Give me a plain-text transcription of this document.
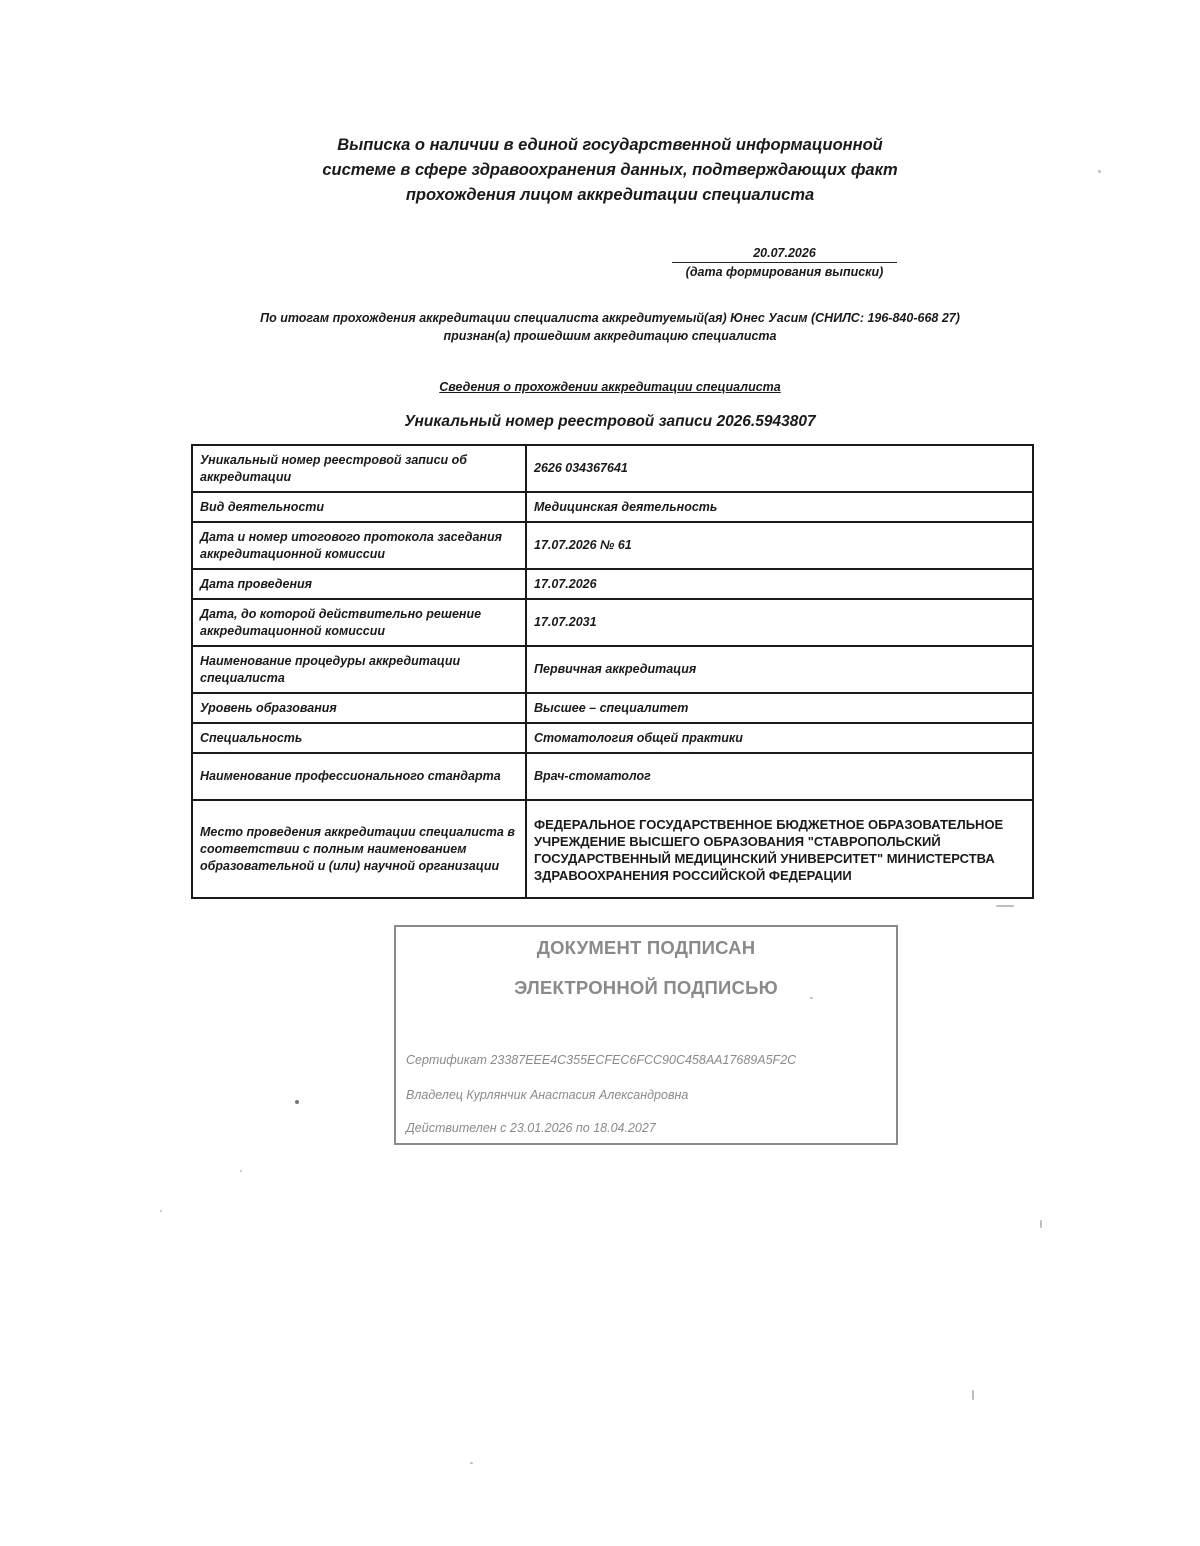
Выписка о наличии в единой государственной информационной
системе в сфере здравоохранения данных, подтверждающих факт
прохождения лицом аккредитации специалиста
20.07.2026
(дата формирования выписки)
По итогам прохождения аккредитации специалиста аккредитуемый(ая) Юнес Уасим (СНИЛС: 196-840-668 27)
признан(а) прошедшим аккредитацию специалиста
Сведения о прохождении аккредитации специалиста
Уникальный номер реестровой записи 2026.5943807
Уникальный номер реестровой записи об аккредитации	2626 034367641
Вид деятельности	Медицинская деятельность
Дата и номер итогового протокола заседания аккредитационной комиссии	17.07.2026 № 61
Дата проведения	17.07.2026
Дата, до которой действительно решение аккредитационной комиссии	17.07.2031
Наименование процедуры аккредитации специалиста	Первичная аккредитация
Уровень образования	Высшее – специалитет
Специальность	Стоматология общей практики
Наименование профессионального стандарта	Врач-стоматолог
Место проведения аккредитации специалиста в соответствии с полным наименованием образовательной и (или) научной организации	ФЕДЕРАЛЬНОЕ ГОСУДАРСТВЕННОЕ БЮДЖЕТНОЕ ОБРАЗОВАТЕЛЬНОЕ УЧРЕЖДЕНИЕ ВЫСШЕГО ОБРАЗОВАНИЯ "СТАВРОПОЛЬСКИЙ ГОСУДАРСТВЕННЫЙ МЕДИЦИНСКИЙ УНИВЕРСИТЕТ" МИНИСТЕРСТВА ЗДРАВООХРАНЕНИЯ РОССИЙСКОЙ ФЕДЕРАЦИИ
ДОКУМЕНТ ПОДПИСАН
ЭЛЕКТРОННОЙ ПОДПИСЬЮ
Сертификат 23387EEE4C355ECFEC6FCC90C458AA17689A5F2C
Владелец Курлянчик Анастасия Александровна
Действителен с 23.01.2026 по 18.04.2027
